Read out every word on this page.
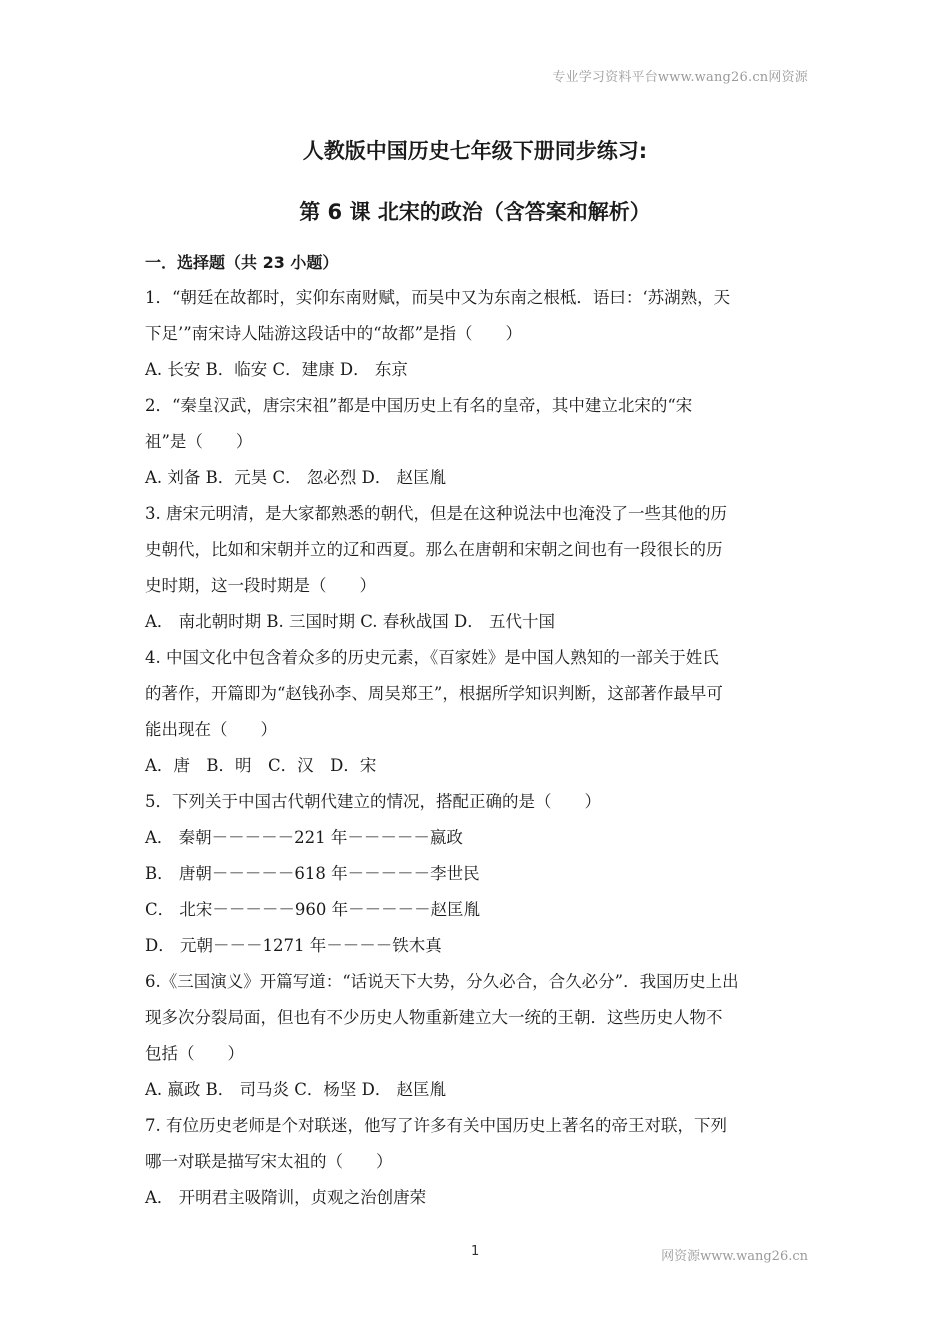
专业学习资料平台www.wang26.cn网资源
人教版中国历史七年级下册同步练习:
第 6 课 北宋的政治（含答案和解析）
一．选择题（共 23 小题）
1．“朝廷在故都时，实仰东南财赋，而吴中又为东南之根柢．语曰：‘苏湖熟，天
下足’”南宋诗人陆游这段话中的“故都”是指（　　）
A. 长安 B．临安 C．建康 D． 东京
2．“秦皇汉武，唐宗宋祖”都是中国历史上有名的皇帝，其中建立北宋的“宋
祖”是（　　）
A. 刘备 B．元昊 C． 忽必烈 D． 赵匡胤
3. 唐宋元明清，是大家都熟悉的朝代，但是在这种说法中也淹没了一些其他的历
史朝代，比如和宋朝并立的辽和西夏。那么在唐朝和宋朝之间也有一段很长的历
史时期，这一段时期是（　　）
A． 南北朝时期 B. 三国时期 C. 春秋战国 D． 五代十国
4. 中国文化中包含着众多的历史元素，《百家姓》是中国人熟知的一部关于姓氏
的著作，开篇即为“赵钱孙李、周吴郑王”，根据所学知识判断，这部著作最早可
能出现在（　　）
A．唐　B．明　C．汉　D．宋
5．下列关于中国古代朝代建立的情况，搭配正确的是（　　）
A． 秦朝－－－－－221 年－－－－－嬴政
B． 唐朝－－－－－618 年－－－－－李世民
C． 北宋－－－－－960 年－－－－－赵匡胤
D． 元朝－－－1271 年－－－－铁木真
6.《三国演义》开篇写道：“话说天下大势，分久必合，合久必分”．我国历史上出
现多次分裂局面，但也有不少历史人物重新建立大一统的王朝．这些历史人物不
包括（　　）
A. 嬴政 B． 司马炎 C．杨坚 D． 赵匡胤
7. 有位历史老师是个对联迷，他写了许多有关中国历史上著名的帝王对联，下列
哪一对联是描写宋太祖的（　　）
A． 开明君主吸隋训，贞观之治创唐荣
1	网资源www.wang26.cn
